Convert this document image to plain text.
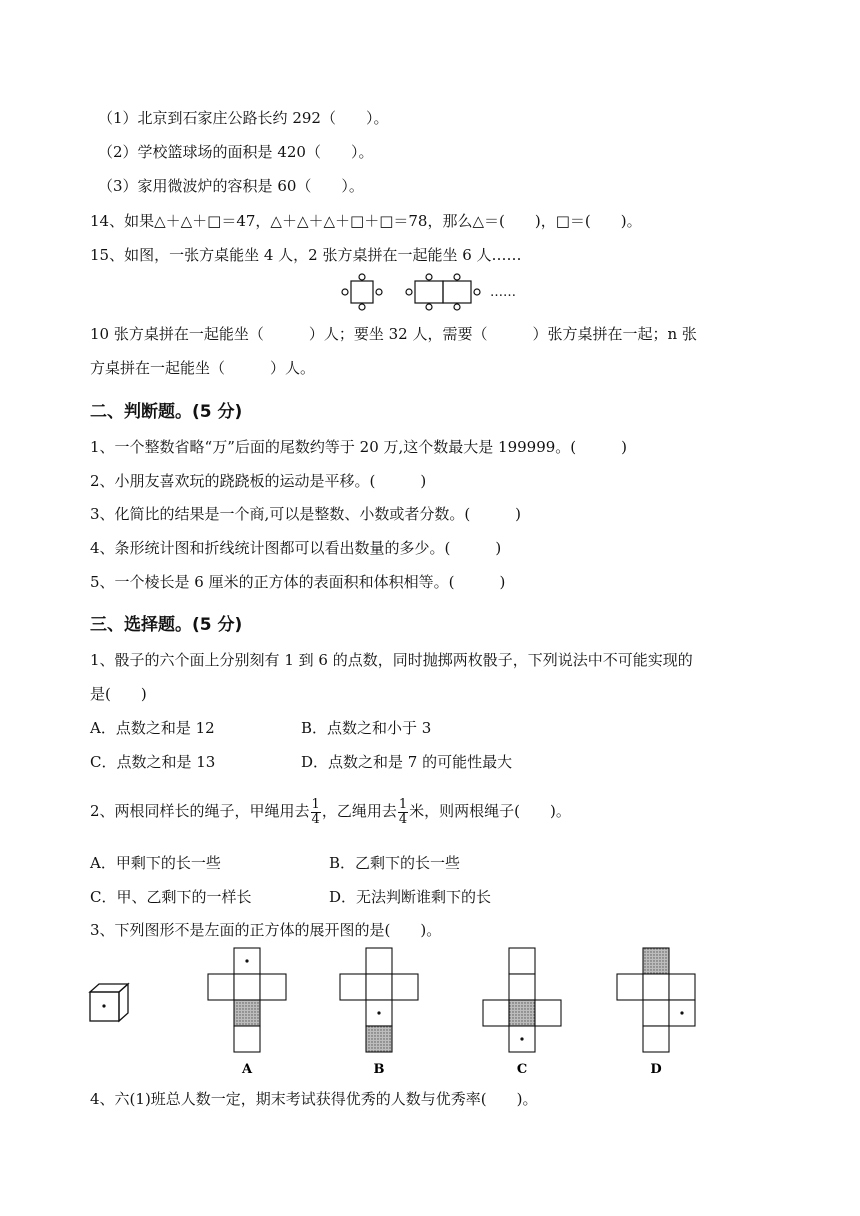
（1）北京到石家庄公路长约 292（　　）。
（2）学校篮球场的面积是 420（　　）。
（3）家用微波炉的容积是 60（　　）。
14、如果△＋△＋□＝47，△＋△＋△＋□＋□＝78，那么△＝(　　)，□＝(　　)。
15、如图，一张方桌能坐 4 人，2 张方桌拼在一起能坐 6 人……
……
10 张方桌拼在一起能坐（　　　）人；要坐 32 人，需要（　　　）张方桌拼在一起；n 张
方桌拼在一起能坐（　　　）人。
二、判断题。(5 分)
1、一个整数省略“万”后面的尾数约等于 20 万,这个数最大是 199999。(　　　)
2、小朋友喜欢玩的跷跷板的运动是平移。(　　　)
3、化简比的结果是一个商,可以是整数、小数或者分数。(　　　)
4、条形统计图和折线统计图都可以看出数量的多少。(　　　)
5、一个棱长是 6 厘米的正方体的表面积和体积相等。(　　　)
三、选择题。(5 分)
1、骰子的六个面上分别刻有 1 到 6 的点数，同时抛掷两枚骰子，下列说法中不可能实现的
是(　　)
A．点数之和是 12	B．点数之和小于 3
C．点数之和是 13	D．点数之和是 7 的可能性最大
2、两根同样长的绳子，甲绳用去 $\frac{1}{4}$ ，乙绳用去 $\frac{1}{4}$ 米，则两根绳子(　　)。
A．甲剩下的长一些	B．乙剩下的长一些
C．甲、乙剩下的一样长	D．无法判断谁剩下的长
3、下列图形不是左面的正方体的展开图的是(　　)。
A	B	C	D
4、六(1)班总人数一定，期末考试获得优秀的人数与优秀率(　　)。
